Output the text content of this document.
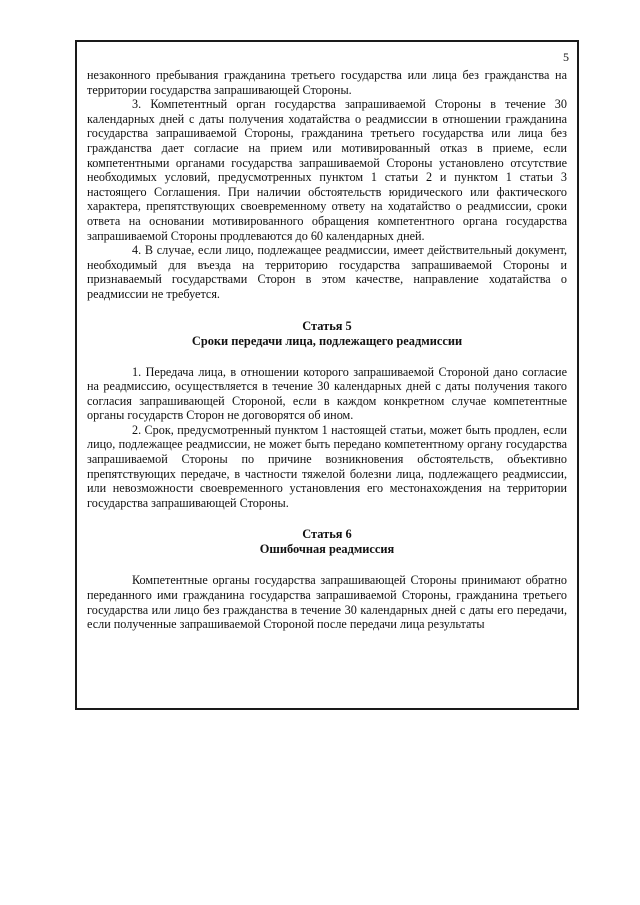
5

незаконного пребывания гражданина третьего государства или лица без гражданства на территории государства запрашивающей Стороны.

3. Компетентный орган государства запрашиваемой Стороны в течение 30 календарных дней с даты получения ходатайства о реадмиссии в отношении гражданина государства запрашиваемой Стороны, гражданина третьего государства или лица без гражданства дает согласие на прием или мотивированный отказ в приеме, если компетентными органами государства запрашиваемой Стороны установлено отсутствие необходимых условий, предусмотренных пунктом 1 статьи 2 и пунктом 1 статьи 3 настоящего Соглашения. При наличии обстоятельств юридического или фактического характера, препятствующих своевременному ответу на ходатайство о реадмиссии, сроки ответа на основании мотивированного обращения компетентного органа государства запрашиваемой Стороны продлеваются до 60 календарных дней.

4. В случае, если лицо, подлежащее реадмиссии, имеет действительный документ, необходимый для въезда на территорию государства запрашиваемой Стороны и признаваемый государствами Сторон в этом качестве, направление ходатайства о реадмиссии не требуется.

Статья 5
Сроки передачи лица, подлежащего реадмиссии

1. Передача лица, в отношении которого запрашиваемой Стороной дано согласие на реадмиссию, осуществляется в течение 30 календарных дней с даты получения такого согласия запрашивающей Стороной, если в каждом конкретном случае компетентные органы государств Сторон не договорятся об ином.

2. Срок, предусмотренный пунктом 1 настоящей статьи, может быть продлен, если лицо, подлежащее реадмиссии, не может быть передано компетентному органу государства запрашиваемой Стороны по причине возникновения обстоятельств, объективно препятствующих передаче, в частности тяжелой болезни лица, подлежащего реадмиссии, или невозможности своевременного установления его местонахождения на территории государства запрашивающей Стороны.

Статья 6
Ошибочная реадмиссия

Компетентные органы государства запрашивающей Стороны принимают обратно переданного ими гражданина государства запрашиваемой Стороны, гражданина третьего государства или лицо без гражданства в течение 30 календарных дней с даты его передачи, если полученные запрашиваемой Стороной после передачи лица результаты
